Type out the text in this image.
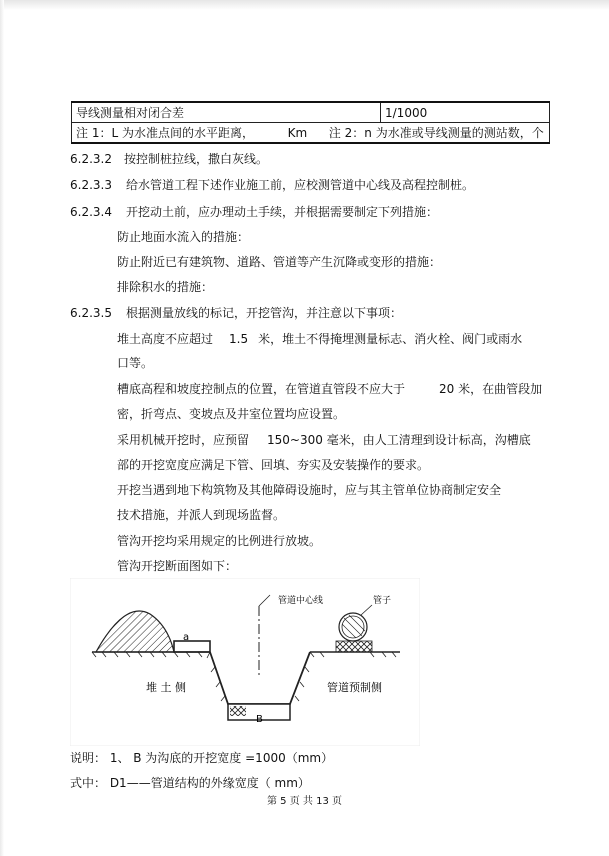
导线测量相对闭合差	1/1000
注 1：L 为水准点间的水平距离，	Km 注 2：n 为水准或导线测量的测站数，个
6.2.3.2 按控制桩拉线，撒白灰线。
6.2.3.3 给水管道工程下述作业施工前，应校测管道中心线及高程控制桩。
6.2.3.4 开挖动土前，应办理动土手续，并根据需要制定下列措施：
防止地面水流入的措施：
防止附近已有建筑物、道路、管道等产生沉降或变形的措施：
排除积水的措施：
6.2.3.5 根据测量放线的标记，开挖管沟，并注意以下事项：
堆土高度不应超过 1.5 米，堆土不得掩埋测量标志、消火栓、阀门或雨水
口等。
槽底高程和坡度控制点的位置，在管道直管段不应大于	20 米，在曲管段加
密，折弯点、变坡点及井室位置均应设置。
采用机械开挖时，应预留 150~300 毫米，由人工清理到设计标高，沟槽底
部的开挖宽度应满足下管、回填、夯实及安装操作的要求。
开挖当遇到地下构筑物及其他障碍设施时，应与其主管单位协商制定安全
技术措施，并派人到现场监督。
管沟开挖均采用规定的比例进行放坡。
管沟开挖断面图如下：
a
B
管道中心线	管子
堆 土 侧	管道预制侧
说明： 1、 B 为沟底的开挖宽度 =1000（mm）
式中： D1——管道结构的外缘宽度（ mm）
第 5 页 共 13 页
